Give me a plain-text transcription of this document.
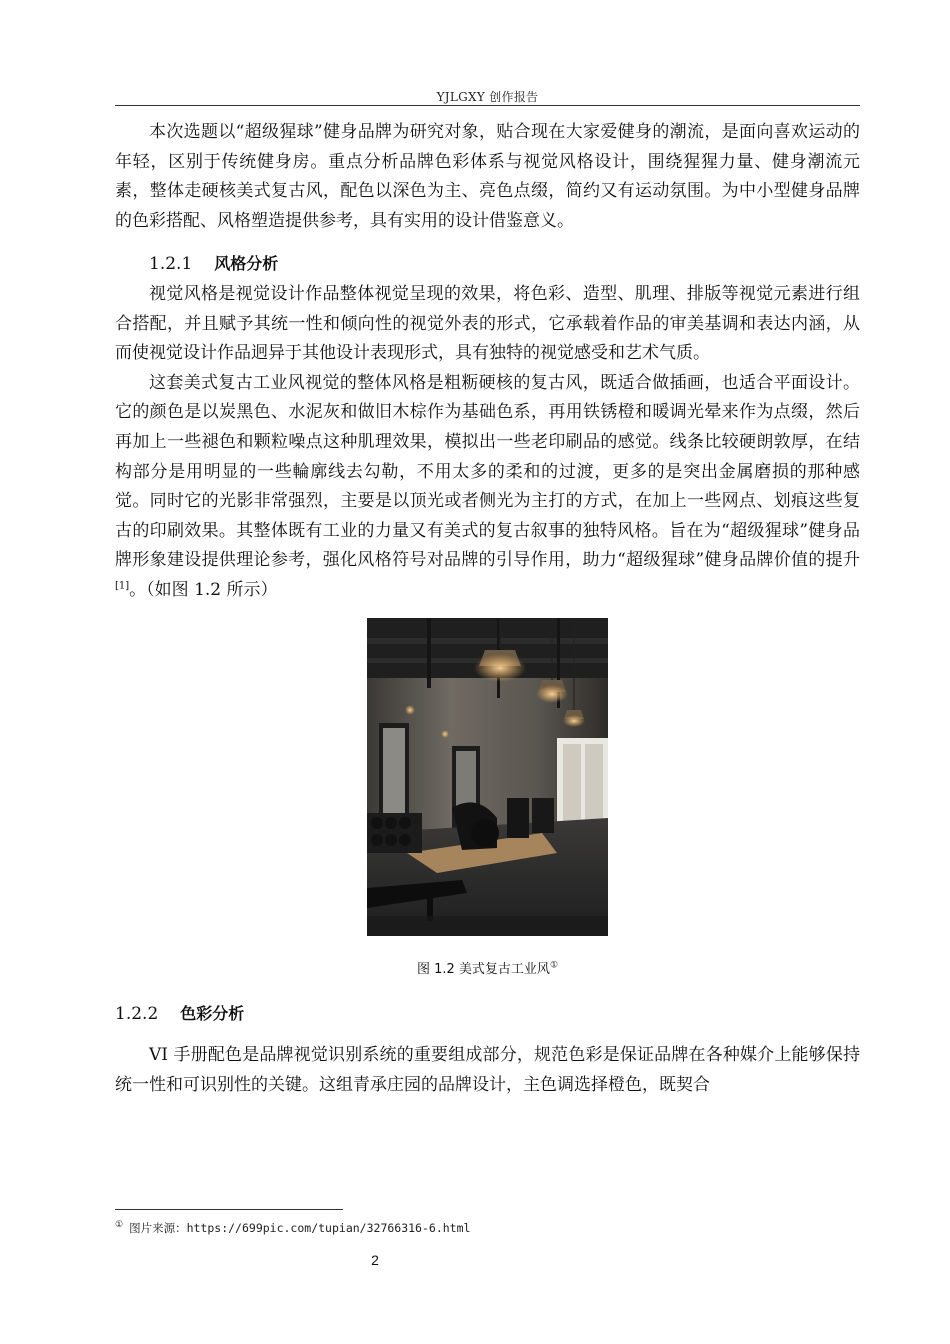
YJLGXY 创作报告

本次选题以“超级猩球”健身品牌为研究对象，贴合现在大家爱健身的潮流，是面向喜欢运动的年轻，区别于传统健身房。重点分析品牌色彩体系与视觉风格设计，围绕猩猩力量、健身潮流元素，整体走硬核美式复古风，配色以深色为主、亮色点缀，简约又有运动氛围。为中小型健身品牌的色彩搭配、风格塑造提供参考，具有实用的设计借鉴意义。

1.2.1 风格分析

视觉风格是视觉设计作品整体视觉呈现的效果，将色彩、造型、肌理、排版等视觉元素进行组合搭配，并且赋予其统一性和倾向性的视觉外表的形式，它承载着作品的审美基调和表达内涵，从而使视觉设计作品迥异于其他设计表现形式，具有独特的视觉感受和艺术气质。

这套美式复古工业风视觉的整体风格是粗粝硬核的复古风，既适合做插画，也适合平面设计。它的颜色是以炭黑色、水泥灰和做旧木棕作为基础色系，再用铁锈橙和暖调光晕来作为点缀，然后再加上一些褪色和颗粒噪点这种肌理效果，模拟出一些老印刷品的感觉。线条比较硬朗敦厚，在结构部分是用明显的一些輪廓线去勾勒，不用太多的柔和的过渡，更多的是突出金属磨损的那种感觉。同时它的光影非常强烈，主要是以顶光或者侧光为主打的方式，在加上一些网点、划痕这些复古的印刷效果。其整体既有工业的力量又有美式的复古叙事的独特风格。旨在为“超级猩球”健身品牌形象建设提供理论参考，强化风格符号对品牌的引导作用，助力“超级猩球”健身品牌价值的提升[1]。（如图 1.2 所示）

图 1.2 美式复古工业风①
1.2.2 色彩分析

VI 手册配色是品牌视觉识别系统的重要组成部分，规范色彩是保证品牌在各种媒介上能够保持统一性和可识别性的关键。这组青承庄园的品牌设计，主色调选择橙色，既契合

① 图片来源：https://699pic.com/tupian/32766316-6.html
2
